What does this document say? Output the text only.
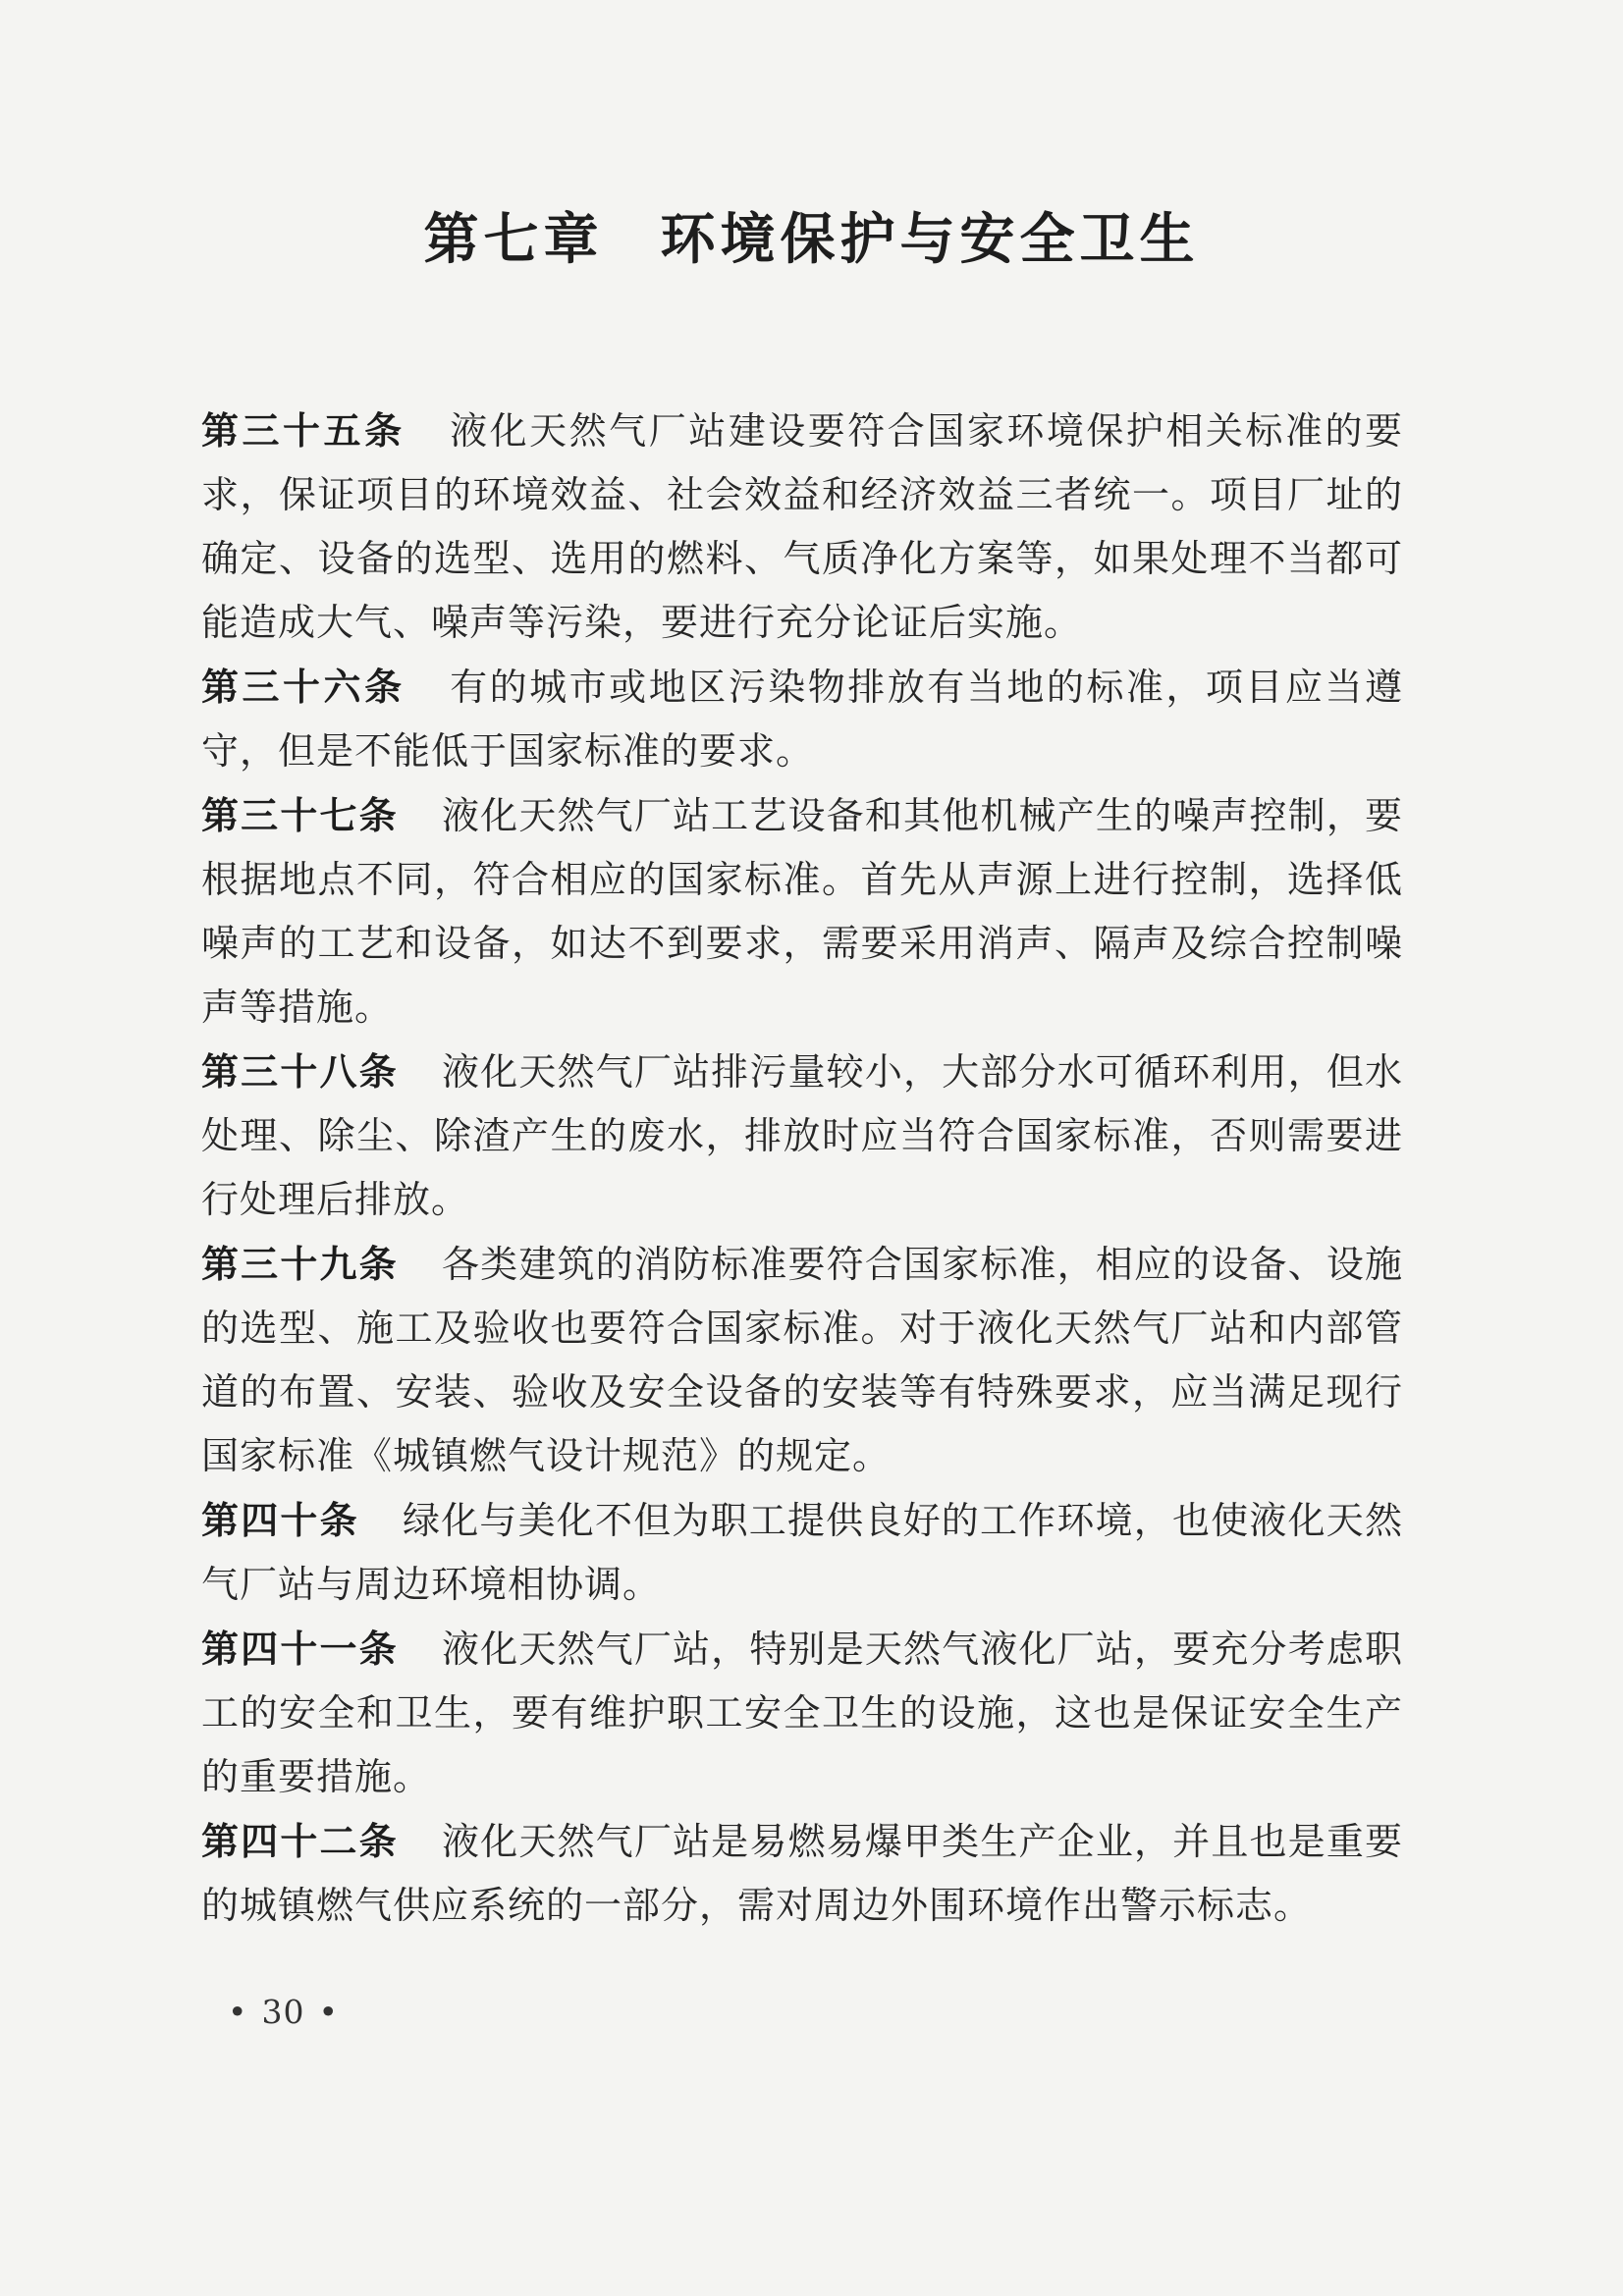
第七章 环境保护与安全卫生

第三十五条 液化天然气厂站建设要符合国家环境保护相关标准的要求，保证项目的环境效益、社会效益和经济效益三者统一。项目厂址的确定、设备的选型、选用的燃料、气质净化方案等，如果处理不当都可能造成大气、噪声等污染，要进行充分论证后实施。

第三十六条 有的城市或地区污染物排放有当地的标准，项目应当遵守，但是不能低于国家标准的要求。

第三十七条 液化天然气厂站工艺设备和其他机械产生的噪声控制，要根据地点不同，符合相应的国家标准。首先从声源上进行控制，选择低噪声的工艺和设备，如达不到要求，需要采用消声、隔声及综合控制噪声等措施。

第三十八条 液化天然气厂站排污量较小，大部分水可循环利用，但水处理、除尘、除渣产生的废水，排放时应当符合国家标准，否则需要进行处理后排放。

第三十九条 各类建筑的消防标准要符合国家标准，相应的设备、设施的选型、施工及验收也要符合国家标准。对于液化天然气厂站和内部管道的布置、安装、验收及安全设备的安装等有特殊要求，应当满足现行国家标准《城镇燃气设计规范》的规定。

第四十条 绿化与美化不但为职工提供良好的工作环境，也使液化天然气厂站与周边环境相协调。

第四十一条 液化天然气厂站，特别是天然气液化厂站，要充分考虑职工的安全和卫生，要有维护职工安全卫生的设施，这也是保证安全生产的重要措施。

第四十二条 液化天然气厂站是易燃易爆甲类生产企业，并且也是重要的城镇燃气供应系统的一部分，需对周边外围环境作出警示标志。

• 30 •
